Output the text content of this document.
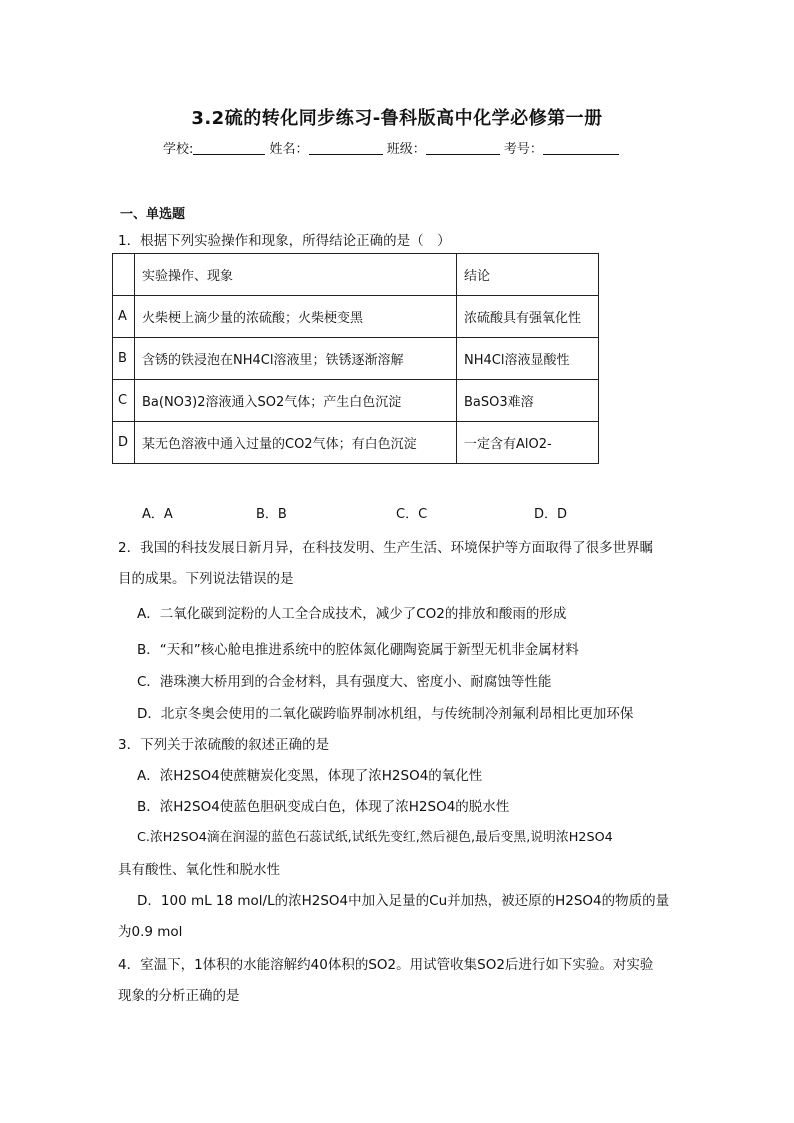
3.2硫的转化同步练习-鲁科版高中化学必修第一册
学校:	姓名：	班级：	考号：
一、单选题
1．根据下列实验操作和现象，所得结论正确的是（　）
	实验操作、现象	结论
A	火柴梗上滴少量的浓硫酸；火柴梗变黑	浓硫酸具有强氧化性
B	含锈的铁浸泡在NH4Cl溶液里；铁锈逐渐溶解	NH4Cl溶液显酸性
C	Ba(NO3)2溶液通入SO2气体；产生白色沉淀	BaSO3难溶
D	某无色溶液中通入过量的CO2气体；有白色沉淀	一定含有AlO2-
A．A	B．B	C．C	D．D
2．我国的科技发展日新月异，在科技发明、生产生活、环境保护等方面取得了很多世界瞩
目的成果。下列说法错误的是
A．二氧化碳到淀粉的人工全合成技术，减少了CO2的排放和酸雨的形成
B．“天和”核心舱电推进系统中的腔体氮化硼陶瓷属于新型无机非金属材料
C．港珠澳大桥用到的合金材料，具有强度大、密度小、耐腐蚀等性能
D．北京冬奥会使用的二氧化碳跨临界制冰机组，与传统制冷剂氟利昂相比更加环保
3．下列关于浓硫酸的叙述正确的是
A．浓H2SO4使蔗糖炭化变黑，体现了浓H2SO4的氧化性
B．浓H2SO4使蓝色胆矾变成白色，体现了浓H2SO4的脱水性
C.浓H2SO4滴在润湿的蓝色石蕊试纸,试纸先变红,然后褪色,最后变黑,说明浓H2SO4
具有酸性、氧化性和脱水性
D．100 mL 18 mol/L的浓H2SO4中加入足量的Cu并加热，被还原的H2SO4的物质的量
为0.9 mol
4．室温下，1体积的水能溶解约40体积的SO2。用试管收集SO2后进行如下实验。对实验
现象的分析正确的是
